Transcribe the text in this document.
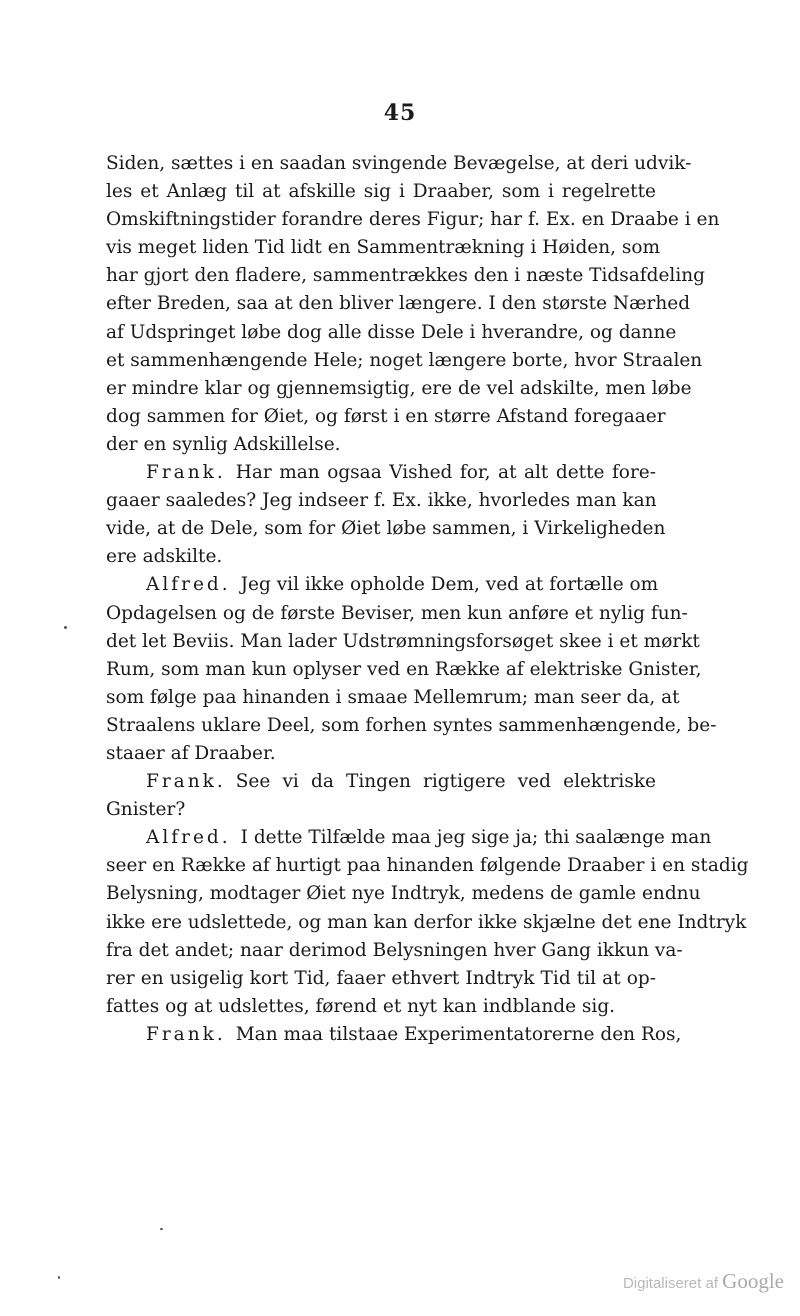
45
Siden, sættes i en saadan svingende Bevægelse, at deri udvik-
les et Anlæg til at afskille sig i Draaber, som i regelrette
Omskiftningstider forandre deres Figur; har f. Ex. en Draabe i en
vis meget liden Tid lidt en Sammentrækning i Høiden, som
har gjort den fladere, sammentrækkes den i næste Tidsafdeling
efter Breden, saa at den bliver længere. I den største Nærhed
af Udspringet løbe dog alle disse Dele i hverandre, og danne
et sammenhængende Hele; noget længere borte, hvor Straalen
er mindre klar og gjennemsigtig, ere de vel adskilte, men løbe
dog sammen for Øiet, og først i en større Afstand foregaaer
der en synlig Adskillelse.
Frank. Har man ogsaa Vished for, at alt dette fore-
gaaer saaledes? Jeg indseer f. Ex. ikke, hvorledes man kan
vide, at de Dele, som for Øiet løbe sammen, i Virkeligheden
ere adskilte.
Alfred. Jeg vil ikke opholde Dem, ved at fortælle om
Opdagelsen og de første Beviser, men kun anføre et nylig fun-
det let Beviis. Man lader Udstrømningsforsøget skee i et mørkt
Rum, som man kun oplyser ved en Række af elektriske Gnister,
som følge paa hinanden i smaae Mellemrum; man seer da, at
Straalens uklare Deel, som forhen syntes sammenhængende, be-
staaer af Draaber.
Frank. See vi da Tingen rigtigere ved elektriske
Gnister?
Alfred. I dette Tilfælde maa jeg sige ja; thi saalænge man
seer en Række af hurtigt paa hinanden følgende Draaber i en stadig
Belysning, modtager Øiet nye Indtryk, medens de gamle endnu
ikke ere udslettede, og man kan derfor ikke skjælne det ene Indtryk
fra det andet; naar derimod Belysningen hver Gang ikkun va-
rer en usigelig kort Tid, faaer ethvert Indtryk Tid til at op-
fattes og at udslettes, førend et nyt kan indblande sig.
Frank. Man maa tilstaae Experimentatorerne den Ros,
Digitaliseret af Google
